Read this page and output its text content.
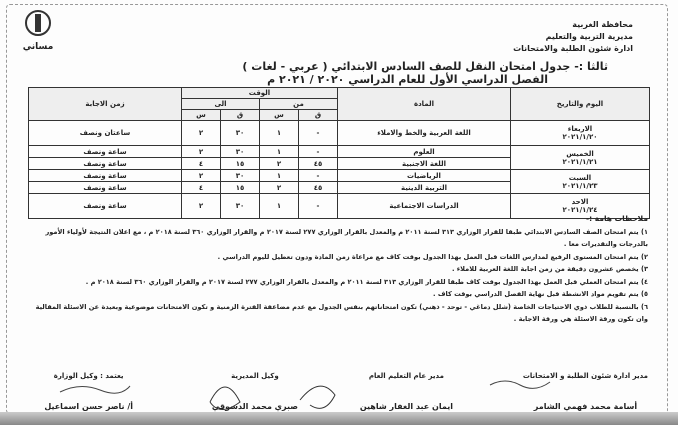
مساني
محافظة الغربية
مديرية التربية والتعليم
ادارة شئون الطلبة والامتحانات
ثالثا :- جدول امتحان النقل للصف السادس الابتدائي ( عربي - لغات )
الفصل الدراسي الأول للعام الدراسي ٢٠٢٠ / ٢٠٢١ م
اليوم والتاريخ	المادة	الوقت				زمن الاجابة
		من		الى		
		ق	س	ق	س	

الاربعاء
٢٠٢١/١/٢٠	اللغة العربية والخط والاملاء	-	١	٣٠	٢	ساعتان ونصف

الخميس
٢٠٢١/١/٢١	العلوم	-	١	٣٠	٢	ساعة ونصف
	اللغة الاجنبية	٤٥	٢	١٥	٤	ساعة ونصف

السبت
٢٠٢١/١/٢٣	الرياضيات	-	١	٣٠	٢	ساعة ونصف
	التربية الدينية	٤٥	٢	١٥	٤	ساعة ونصف

الاحد
٢٠٢١/١/٢٤	الدراسات الاجتماعية	-	١	٣٠	٢	ساعة ونصف

ملاحظات هامة :-

١) يتم امتحان الصف السادس الابتدائي طبقا للقرار الوزاري ٣١٣ لسنة ٢٠١١ م والمعدل بالقرار الوزاري ٢٧٧ لسنة ٢٠١٧ م والقرار الوزاري ٣٦٠ لسنة ٢٠١٨ م ، مع اعلان النتيجة لأولياء الأمور بالدرجات والتقديرات معا .

٢) يتم امتحان المستوى الرفيع لمدارس اللغات قبل العمل بهذا الجدول بوقت كاف مع مراعاة زمن المادة ودون تعطيل لليوم الدراسي .

٣) يخصص عشرون دقيقة من زمن اجابة اللغة العربية للاملاء .

٤) يتم امتحان العملي قبل العمل بهذا الجدول بوقت كاف طبقا للقرار الوزاري ٣١٣ لسنة ٢٠١١ م والمعدل بالقرار الوزاري ٢٧٧ لسنة ٢٠١٧ م والقرار الوزاري ٣٦٠ لسنة ٢٠١٨ م .

٥) يتم تقويم مواد الانشطة قبل نهاية الفصل الدراسي بوقت كاف .

٦) بالنسبة للطلاب ذوي الاحتياجات الخاصة (شلل دماغي - توحد - ذهني) تكون امتحاناتهم بنفس الجدول مع عدم مضاعفة الفترة الزمنية و تكون الامتحانات موضوعية وبعيدة عن الاسئلة المقالية وان تكون ورقة الاسئلة هي ورقة الاجابة .

مدير ادارة شئون الطلبة و الامتحانات
أسامة محمد فهمي الشامر
مدير عام التعليم العام
ايمان عبد الغفار شاهين
وكيل المديرية
صبري محمد الدسوقي
يعتمد : وكيل الوزارة
أ/ ناصر حسن اسماعيل
